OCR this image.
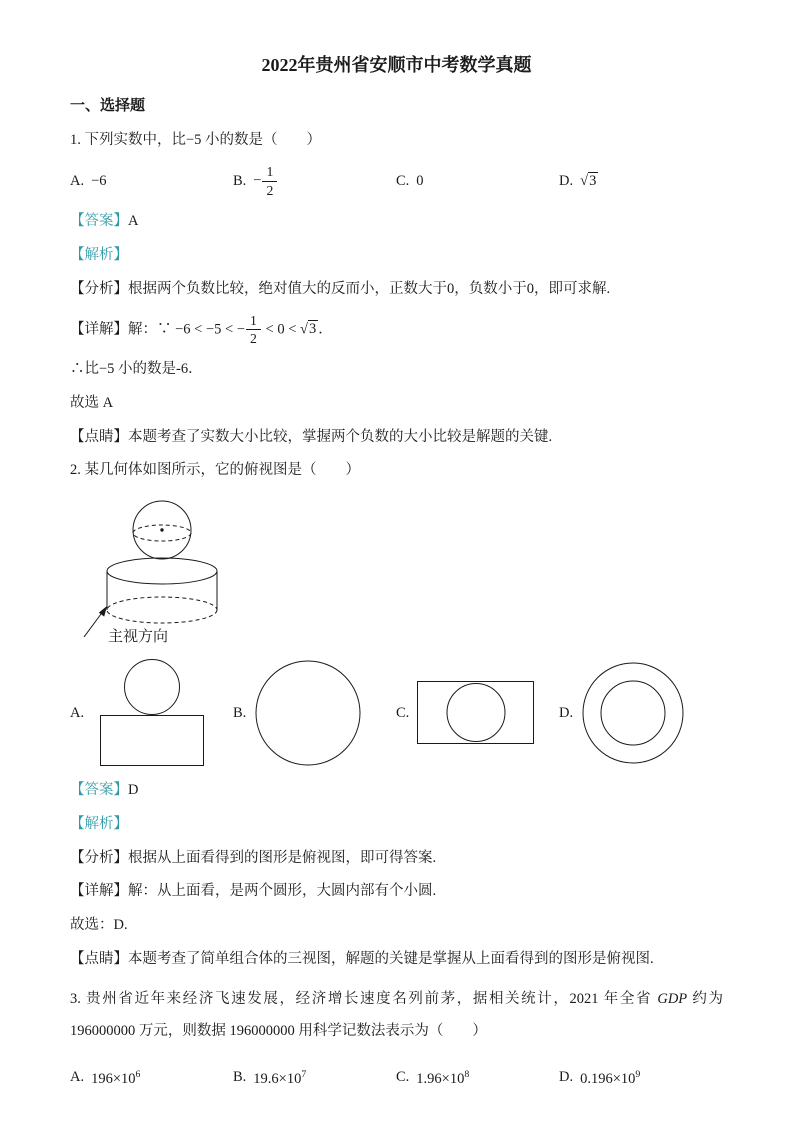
2022年贵州省安顺市中考数学真题
一、选择题

1. 下列实数中，比−5 小的数是（　　）

A. −6	B. − $\frac{1}{2}$	C. 0	D. √3

【答案】A

【解析】

【分析】根据两个负数比较，绝对值大的反而小，正数大于0，负数小于0，即可求解.

【详解】解：∵ −6 < −5 < − $\frac{1}{2} < 0 < √3$ ．

∴比−5 小的数是-6．

故选 A

【点睛】本题考查了实数大小比较，掌握两个负数的大小比较是解题的关键.

2. 某几何体如图所示，它的俯视图是（　　）

主视方向
A.	B.	C.	D.

【答案】D

【解析】

【分析】根据从上面看得到的图形是俯视图，即可得答案.

【详解】解：从上面看，是两个圆形，大圆内部有个小圆.

故选：D.

【点睛】本题考查了简单组合体的三视图，解题的关键是掌握从上面看得到的图形是俯视图.

3. 贵州省近年来经济飞速发展，经济增长速度名列前茅，据相关统计，2021 年全省 GDP 约为 196000000 万元，则数据 196000000 用科学记数法表示为（　　）

A. $196\times 10^6$	B. $19.6\times 10^7$	C. $1.96\times 10^8$	D. $0.196\times 10^9$
